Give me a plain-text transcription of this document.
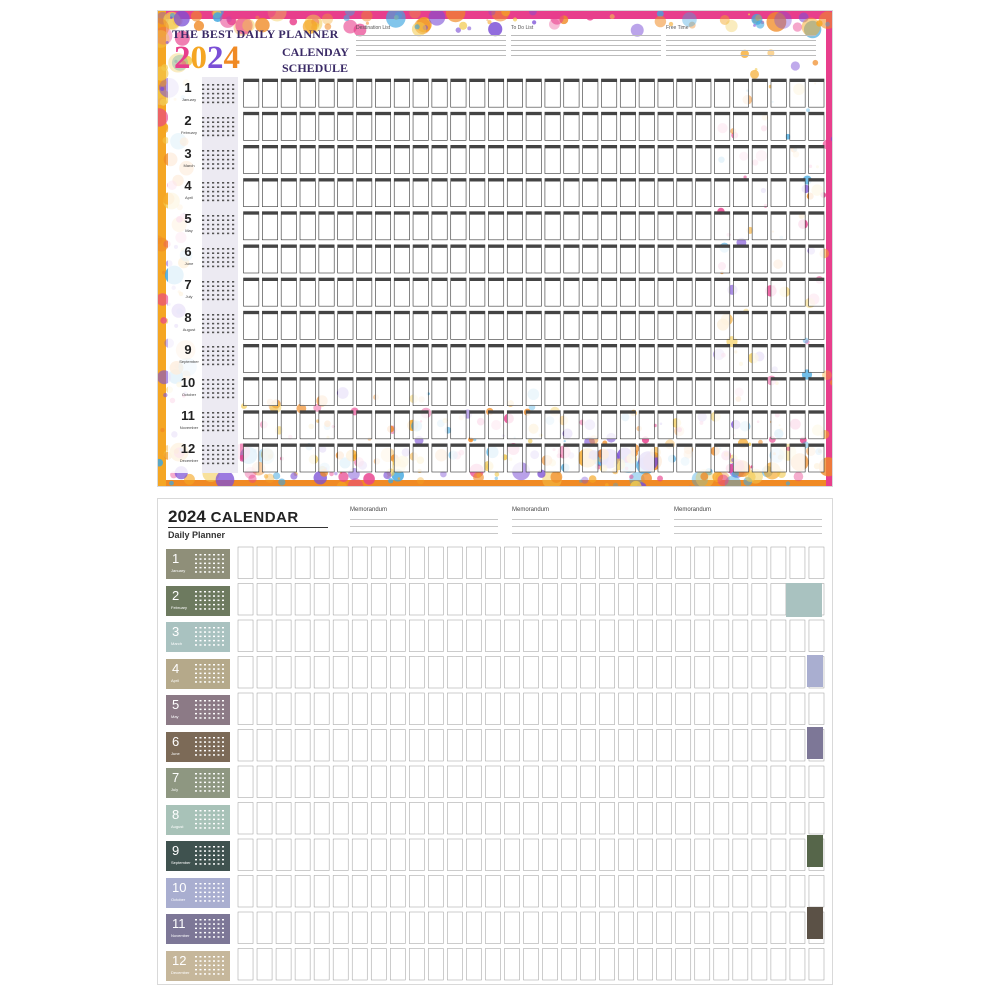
THE BEST DAILY PLANNER
2024	CALENDAY
SCHEDULE
Destination List	To Do List	Free Time
1
January
2
February
3
March
4
April
5
May
6
June
7
July
8
August
9
September
10
October
11
November
12
December
2024 CALENDAR
Daily Planner
Memorandum	Memorandum	Memorandum
1
January
2
February
3
March
4
April
5
May
6
June
7
July
8
August
9
September
10
October
11
November
12
December
